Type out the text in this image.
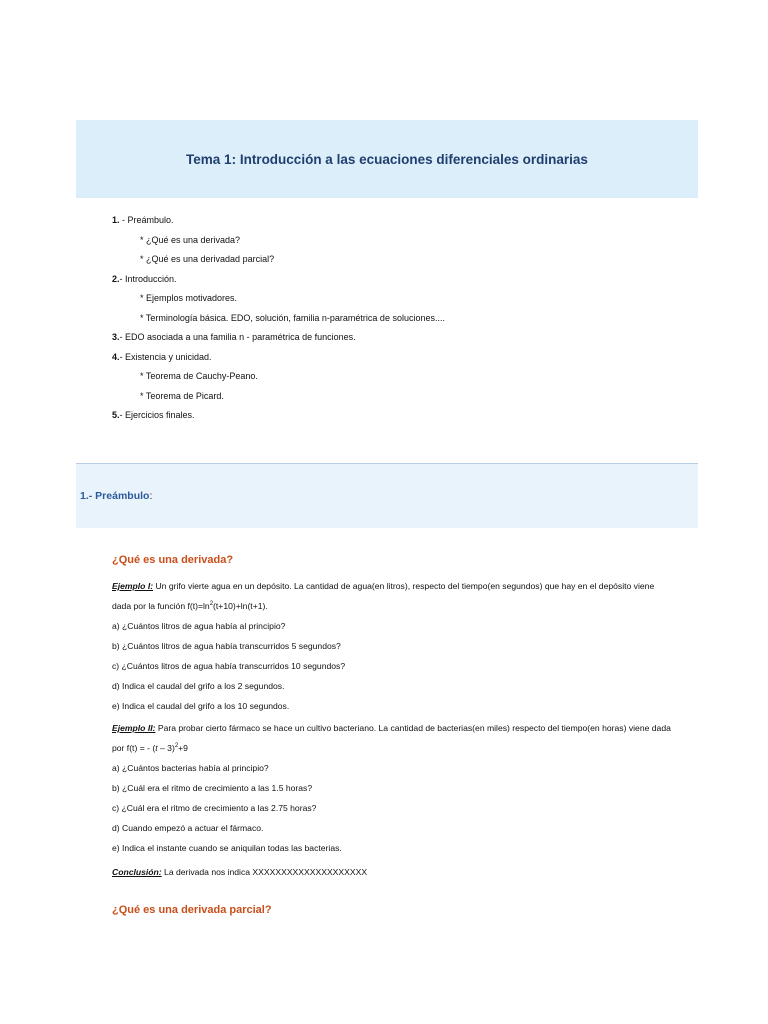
Tema 1: Introducción a las ecuaciones diferenciales ordinarias
1. - Preámbulo.
* ¿Qué es una derivada?
* ¿Qué es una derivadad parcial?
2.- Introducción.
* Ejemplos motivadores.
* Terminología básica. EDO, solución, familia n-paramétrica de soluciones....
3.- EDO asociada a una familia n - paramétrica de funciones.
4.- Existencia y unicidad.
* Teorema de Cauchy-Peano.
* Teorema de Picard.
5.- Ejercicios finales.
1.- Preámbulo :
¿Qué es una derivada?
Ejemplo I: Un grifo vierte agua en un depósito. La cantidad de agua(en litros), respecto del tiempo(en segundos) que hay en el depósito viene
dada por la función $f(t)=\ln^2(t+10)+\ln(t+1)$.
a) ¿Cuántos litros de agua había al principio?
b) ¿Cuántos litros de agua había transcurridos 5 segundos?
c) ¿Cuántos litros de agua había transcurridos 10 segundos?
d) Indica el caudal del grifo a los 2 segundos.
e) Indica el caudal del grifo a los 10 segundos.
Ejemplo II: Para probar cierto fármaco se hace un cultivo bacteriano. La cantidad de bacterias(en miles) respecto del tiempo(en horas) viene dada
por f(t) = - (t – 3)$^2$+9
a) ¿Cuántos bacterias había al principio?
b) ¿Cuál era el ritmo de crecimiento a las 1.5 horas?
c) ¿Cuál era el ritmo de crecimiento a las 2.75 horas?
d) Cuando empezó a actuar el fármaco.
e) Indica el instante cuando se aniquilan todas las bacterias.
Conclusión: La derivada nos indica XXXXXXXXXXXXXXXXXXXX
¿Qué es una derivada parcial?
